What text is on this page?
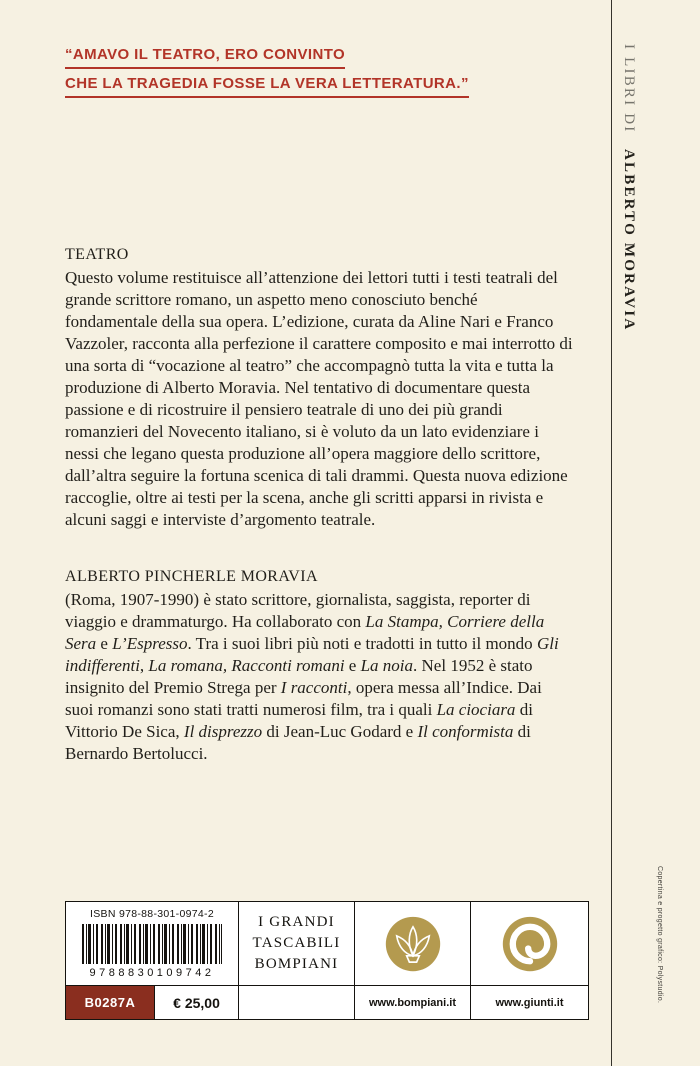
“AMAVO IL TEATRO, ERO CONVINTO
CHE LA TRAGEDIA FOSSE LA VERA LETTERATURA.”	I LIBRI DI ALBERTO MORAVIA
TEATRO

Questo volume restituisce all’attenzione dei lettori tutti i testi teatrali del grande scrittore romano, un aspetto meno conosciuto benché fondamentale della sua opera. L’edizione, curata da Aline Nari e Franco Vazzoler, racconta alla perfezione il carattere composito e mai interrotto di una sorta di “vocazione al teatro” che accompagnò tutta la vita e tutta la produzione di Alberto Moravia. Nel tentativo di documentare questa passione e di ricostruire il pensiero teatrale di uno dei più grandi romanzieri del Novecento italiano, si è voluto da un lato evidenziare i nessi che legano questa produzione all’opera maggiore dello scrittore, dall’altra seguire la fortuna scenica di tali drammi. Questa nuova edizione raccoglie, oltre ai testi per la scena, anche gli scritti apparsi in rivista e alcuni saggi e interviste d’argomento teatrale.

ALBERTO PINCHERLE MORAVIA

(Roma, 1907-1990) è stato scrittore, giornalista, saggista, reporter di viaggio e drammaturgo. Ha collaborato con La Stampa, Corriere della Sera e L’Espresso. Tra i suoi libri più noti e tradotti in tutto il mondo Gli indifferenti, La romana, Racconti romani e La noia. Nel 1952 è stato insignito del Premio Strega per I racconti, opera messa all’Indice. Dai suoi romanzi sono stati tratti numerosi film, tra i quali La ciociara di Vittorio De Sica, Il disprezzo di Jean-Luc Godard e Il conformista di Bernardo Bertolucci.

ISBN 978-88-301-0974-2
9788830109742
B0287A	€ 25,00
I GRANDI
TASCABILI
BOMPIANI
www.bompiani.it	www.giunti.it	Copertina e progetto grafico: Polystudio.
